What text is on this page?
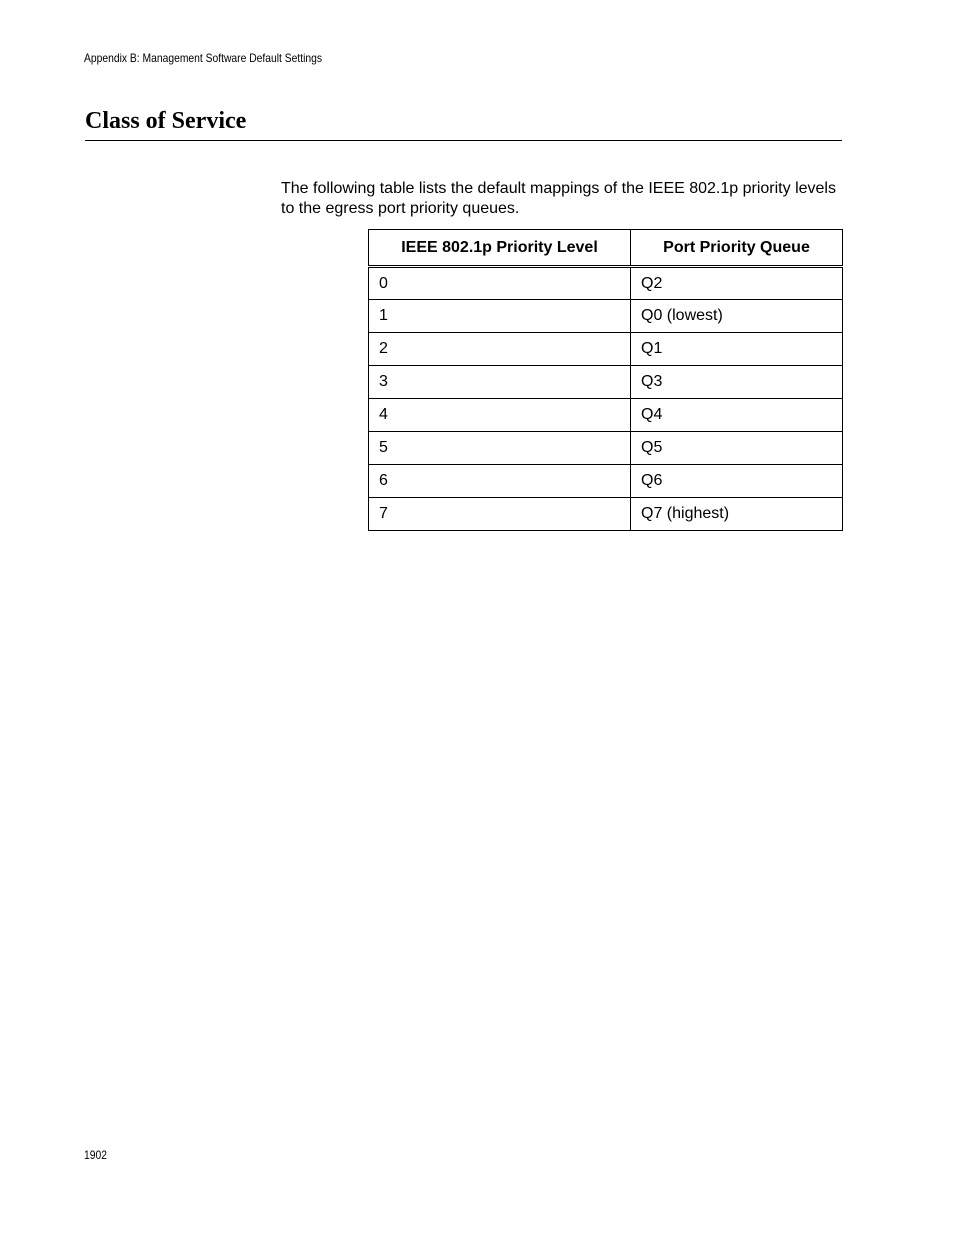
Appendix B: Management Software Default Settings
Class of Service

The following table lists the default mappings of the IEEE 802.1p priority levels to the egress port priority queues.

IEEE 802.1p Priority Level	Port Priority Queue
0	Q2
1	Q0 (lowest)
2	Q1
3	Q3
4	Q4
5	Q5
6	Q6
7	Q7 (highest)
1902
